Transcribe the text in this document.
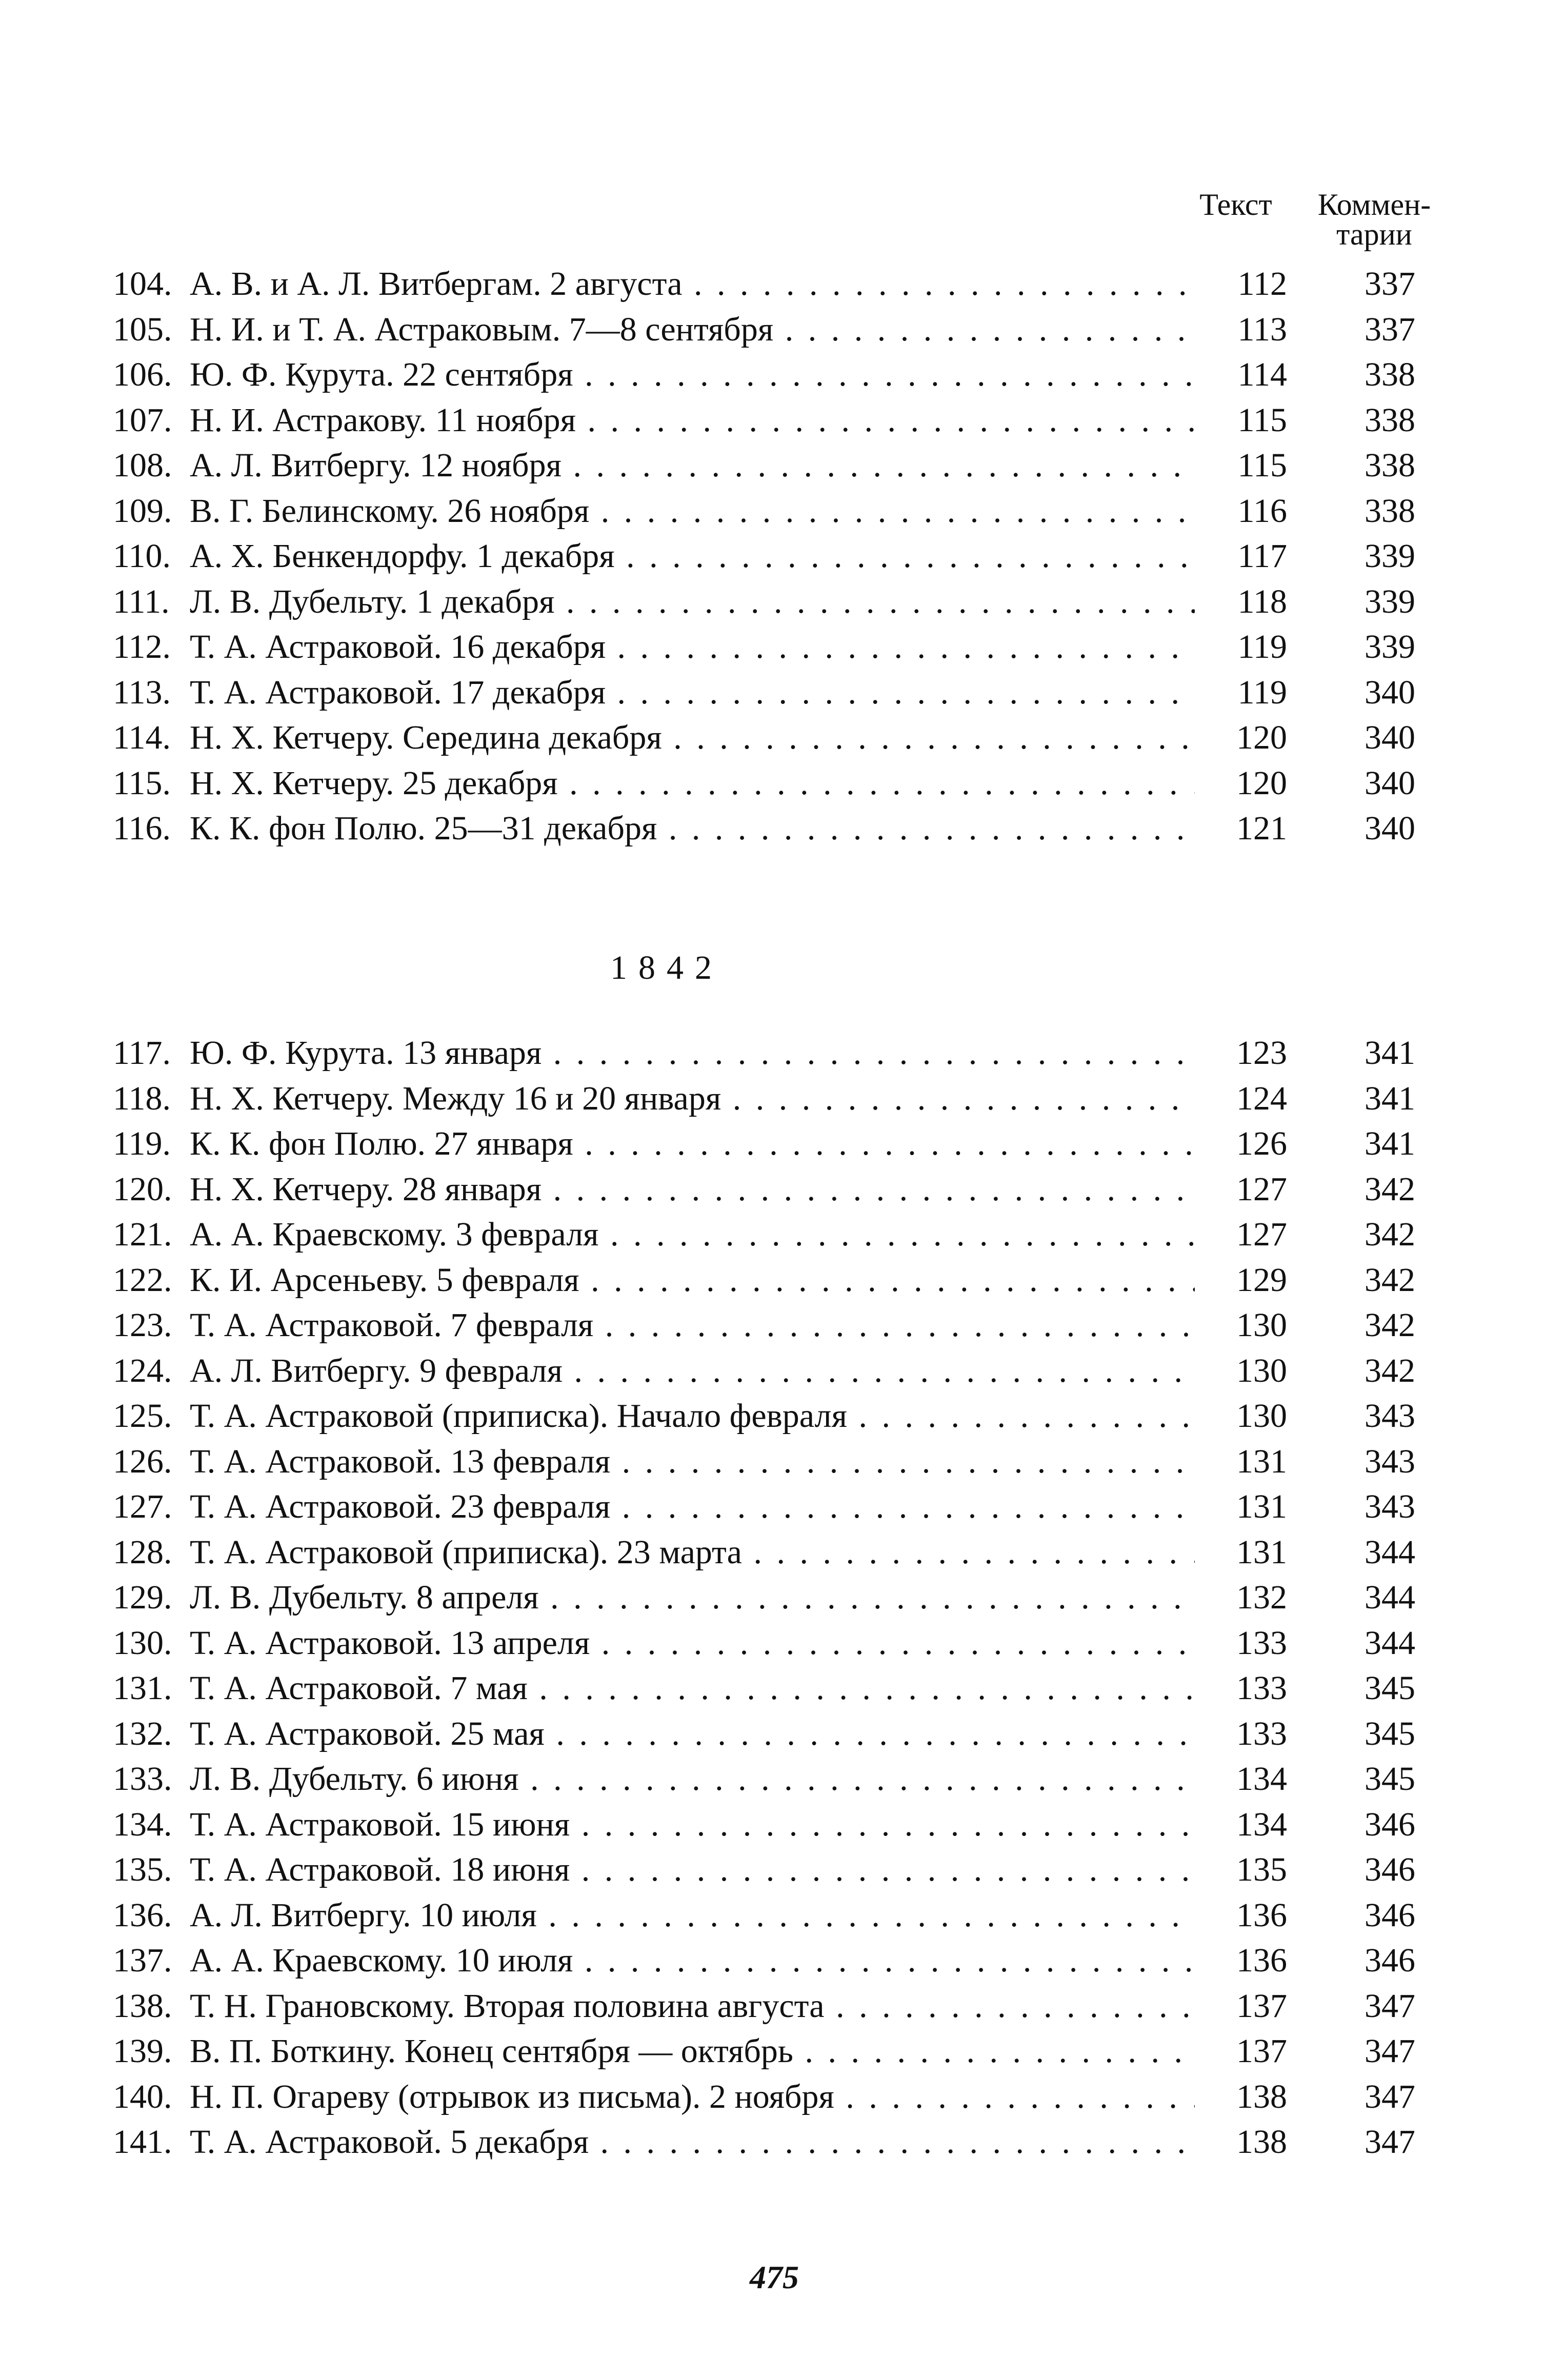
Текст	Коммен-
тарии
104. А. В. и А. Л. Витбергам. 2 августа . . .	112	337
105. Н. И. и Т. А. Астраковым. 7—8 сентября . . .	113	337
106. Ю. Ф. Курута. 22 сентября . . .	114	338
107. Н. И. Астракову. 11 ноября . . .	115	338
108. А. Л. Витбергу. 12 ноября . . .	115	338
109. В. Г. Белинскому. 26 ноября . . .	116	338
110. А. Х. Бенкендорфу. 1 декабря . . .	117	339
111. Л. В. Дубельту. 1 декабря . . .	118	339
112. Т. А. Астраковой. 16 декабря . . .	119	339
113. Т. А. Астраковой. 17 декабря . . .	119	340
114. Н. Х. Кетчеру. Середина декабря . . .	120	340
115. Н. Х. Кетчеру. 25 декабря . . .	120	340
116. К. К. фон Полю. 25—31 декабря . . .	121	340
1842
117. Ю. Ф. Курута. 13 января . . .	123	341
118. Н. Х. Кетчеру. Между 16 и 20 января . . .	124	341
119. К. К. фон Полю. 27 января . . .	126	341
120. Н. Х. Кетчеру. 28 января . . .	127	342
121. А. А. Краевскому. 3 февраля . . .	127	342
122. К. И. Арсеньеву. 5 февраля . . .	129	342
123. Т. А. Астраковой. 7 февраля . . .	130	342
124. А. Л. Витбергу. 9 февраля . . .	130	342
125. Т. А. Астраковой (приписка). Начало февраля . . .	130	343
126. Т. А. Астраковой. 13 февраля . . .	131	343
127. Т. А. Астраковой. 23 февраля . . .	131	343
128. Т. А. Астраковой (приписка). 23 марта . . .	131	344
129. Л. В. Дубельту. 8 апреля . . .	132	344
130. Т. А. Астраковой. 13 апреля . . .	133	344
131. Т. А. Астраковой. 7 мая . . .	133	345
132. Т. А. Астраковой. 25 мая . . .	133	345
133. Л. В. Дубельту. 6 июня . . .	134	345
134. Т. А. Астраковой. 15 июня . . .	134	346
135. Т. А. Астраковой. 18 июня . . .	135	346
136. А. Л. Витбергу. 10 июля . . .	136	346
137. А. А. Краевскому. 10 июля . . .	136	346
138. Т. Н. Грановскому. Вторая половина августа . . .	137	347
139. В. П. Боткину. Конец сентября — октябрь . . .	137	347
140. Н. П. Огареву (отрывок из письма). 2 ноября . . .	138	347
141. Т. А. Астраковой. 5 декабря . . .	138	347
475
